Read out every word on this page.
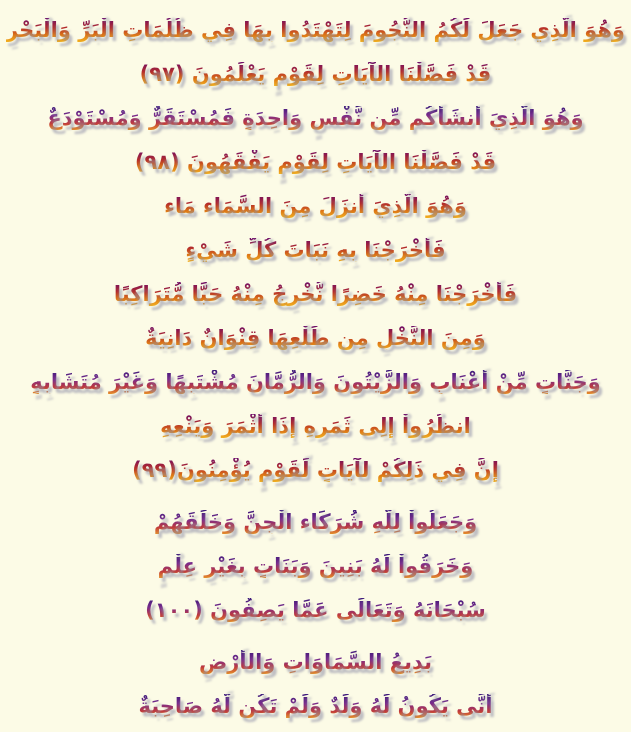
وَهُوَ الَّذِي جَعَلَ لَكُمُ النُّجُومَ لِتَهْتَدُوا بِهَا فِي ظُلُمَاتِ الْبَرِّ وَالْبَحْرِ
قَدْ فَصَّلْنَا الآيَاتِ لِقَوْمٍ يَعْلَمُونَ (٩٧)
وَهُوَ الَّذِيَ أَنشَأَكُم مِّن نَّفْسٍ وَاحِدَةٍ فَمُسْتَقَرٌّ وَمُسْتَوْدَعٌ
قَدْ فَصَّلْنَا الآيَاتِ لِقَوْمٍ يَفْقَهُونَ (٩٨)
وَهُوَ الَّذِيَ أَنزَلَ مِنَ السَّمَاء مَاء
فَأَخْرَجْنَا بِهِ نَبَاتَ كُلِّ شَيْءٍ
فَأَخْرَجْنَا مِنْهُ خَضِرًا نُّخْرِجُ مِنْهُ حَبًّا مُّتَرَاكِبًا
وَمِنَ النَّخْلِ مِن طَلْعِهَا قِنْوَانٌ دَانِيَةٌ
وَجَنَّاتٍ مِّنْ أَعْنَابٍ وَالزَّيْتُونَ وَالرُّمَّانَ مُشْتَبِهًا وَغَيْرَ مُتَشَابِهٍ
انظُرُواْ إِلِى ثَمَرِهِ إِذَا أَثْمَرَ وَيَنْعِهِ
إِنَّ فِي ذَلِكُمْ لآيَاتٍ لِّقَوْمٍ يُؤْمِنُونَ(٩٩)
وَجَعَلُواْ لِلّهِ شُرَكَاء الْجِنَّ وَخَلَقَهُمْ
وَخَرَقُواْ لَهُ بَنِينَ وَبَنَاتٍ بِغَيْرِ عِلْمٍ
سُبْحَانَهُ وَتَعَالَى عَمَّا يَصِفُونَ (١٠٠)
بَدِيعُ السَّمَاوَاتِ وَالأَرْضِ
أَنَّى يَكُونُ لَهُ وَلَدٌ وَلَمْ تَكُن لَّهُ صَاحِبَةٌ
